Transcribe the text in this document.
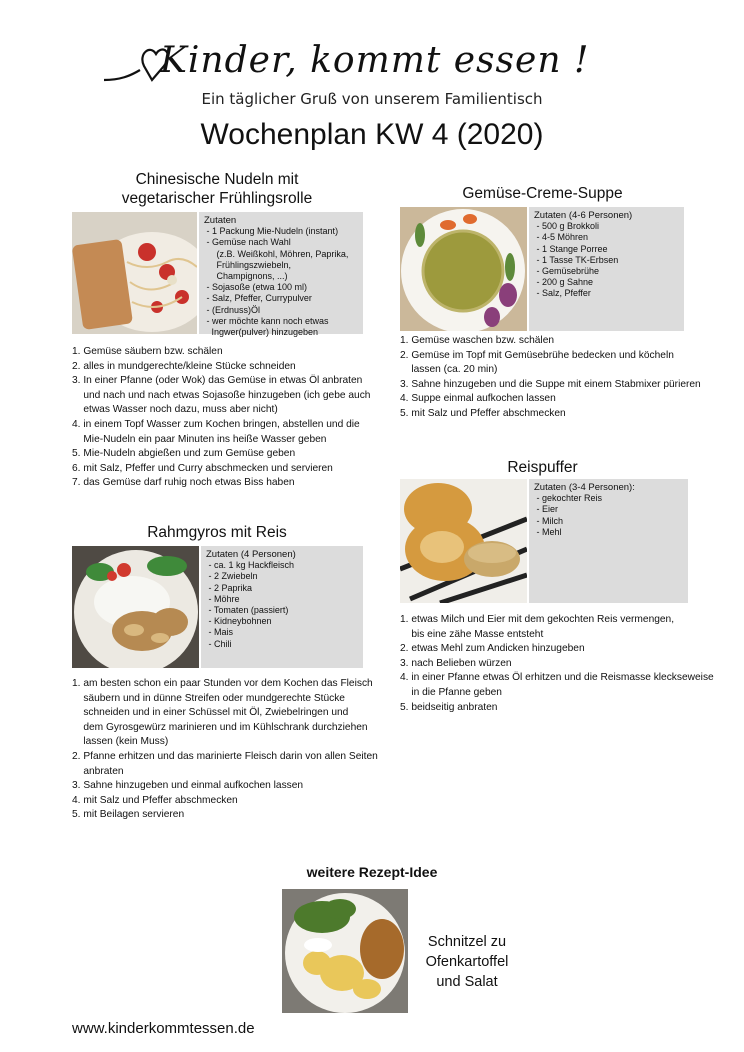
Kinder, kommt essen !
Ein täglicher Gruß von unserem Familientisch
Wochenplan KW 4 (2020)
Chinesische Nudeln mit
vegetarischer Frühlingsrolle
Zutaten
- 1 Packung Mie-Nudeln (instant)
- Gemüse nach Wahl
(z.B. Weißkohl, Möhren, Paprika,
Frühlingszwiebeln,
Champignons, ...)
- Sojasoße (etwa 100 ml)
- Salz, Pfeffer, Currypulver
- (Erdnuss)Öl
- wer möchte kann noch etwas
Ingwer(pulver) hinzugeben
1. Gemüse säubern bzw. schälen
2. alles in mundgerechte/kleine Stücke schneiden
3. In einer Pfanne (oder Wok) das Gemüse in etwas Öl anbraten
und nach und nach etwas Sojasoße hinzugeben (ich gebe auch
etwas Wasser noch dazu, muss aber nicht)
4. in einem Topf Wasser zum Kochen bringen, abstellen und die
Mie-Nudeln ein paar Minuten ins heiße Wasser geben
5. Mie-Nudeln abgießen und zum Gemüse geben
6. mit Salz, Pfeffer und Curry abschmecken und servieren
7. das Gemüse darf ruhig noch etwas Biss haben
Gemüse-Creme-Suppe
Zutaten (4-6 Personen)
- 500 g Brokkoli
- 4-5 Möhren
- 1 Stange Porree
- 1 Tasse TK-Erbsen
- Gemüsebrühe
- 200 g Sahne
- Salz, Pfeffer
1. Gemüse waschen bzw. schälen
2. Gemüse im Topf mit Gemüsebrühe bedecken und köcheln
lassen (ca. 20 min)
3. Sahne hinzugeben und die Suppe mit einem Stabmixer pürieren
4. Suppe einmal aufkochen lassen
5. mit Salz und Pfeffer abschmecken
Rahmgyros mit Reis
Zutaten (4 Personen)
- ca. 1 kg Hackfleisch
- 2 Zwiebeln
- 2 Paprika
- Möhre
- Tomaten (passiert)
- Kidneybohnen
- Mais
- Chili
1. am besten schon ein paar Stunden vor dem Kochen das Fleisch
säubern und in dünne Streifen oder mundgerechte Stücke
schneiden und in einer Schüssel mit Öl, Zwiebelringen und
dem Gyrosgewürz marinieren und im Kühlschrank durchziehen
lassen (kein Muss)
2. Pfanne erhitzen und das marinierte Fleisch darin von allen Seiten
anbraten
3. Sahne hinzugeben und einmal aufkochen lassen
4. mit Salz und Pfeffer abschmecken
5. mit Beilagen servieren
Reispuffer
Zutaten (3-4 Personen):
- gekochter Reis
- Eier
- Milch
- Mehl
1. etwas Milch und Eier mit dem gekochten Reis vermengen,
bis eine zähe Masse entsteht
2. etwas Mehl zum Andicken hinzugeben
3. nach Belieben würzen
4. in einer Pfanne etwas Öl erhitzen und die Reismasse kleckseweise
in die Pfanne geben
5. beidseitig anbraten
weitere Rezept-Idee
Schnitzel zu
Ofenkartoffel
und Salat
www.kinderkommtessen.de
